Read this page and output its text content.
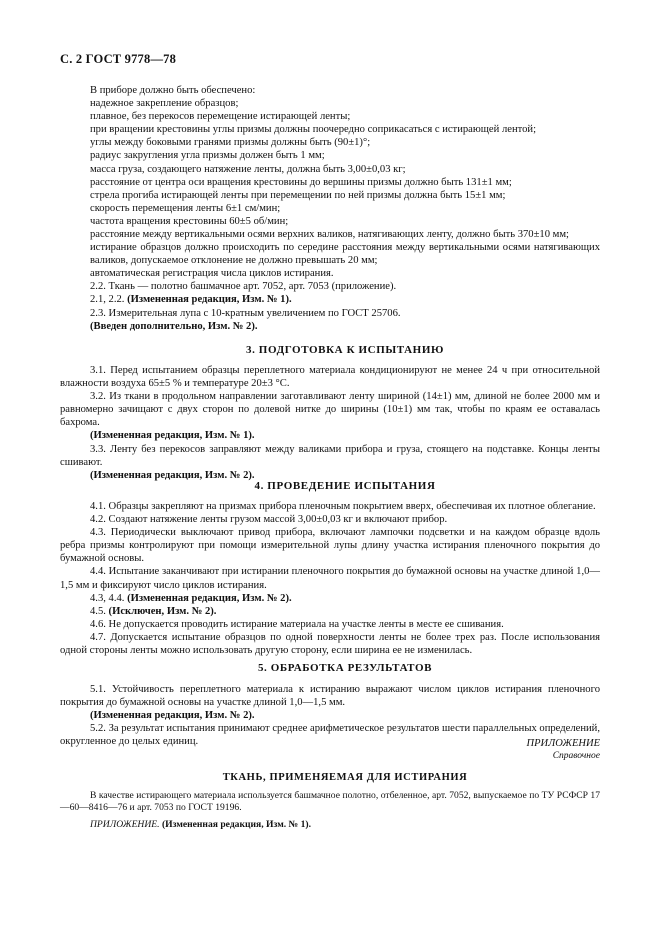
С. 2 ГОСТ 9778—78

В приборе должно быть обеспечено:

надежное закрепление образцов;

плавное, без перекосов перемещение истирающей ленты;

при вращении крестовины углы призмы должны поочередно соприкасаться с истирающей лентой;

углы между боковыми гранями призмы должны быть (90±1)°;

радиус закругления угла призмы должен быть 1 мм;

масса груза, создающего натяжение ленты, должна быть 3,00±0,03 кг;

расстояние от центра оси вращения крестовины до вершины призмы должно быть 131±1 мм;

стрела прогиба истирающей ленты при перемещении по ней призмы должна быть 15±1 мм;

скорость перемещения ленты 6±1 см/мин;

частота вращения крестовины 60±5 об/мин;

расстояние между вертикальными осями верхних валиков, натягивающих ленту, должно быть 370±10 мм;

истирание образцов должно происходить по середине расстояния между вертикальными осями натягивающих валиков, допускаемое отклонение не должно превышать 20 мм;

автоматическая регистрация числа циклов истирания.

2.2. Ткань — полотно башмачное арт. 7052, арт. 7053 (приложение).

2.1, 2.2. (Измененная редакция, Изм. № 1).

2.3. Измерительная лупа с 10-кратным увеличением по ГОСТ 25706.

(Введен дополнительно, Изм. № 2).

3. ПОДГОТОВКА К ИСПЫТАНИЮ

3.1. Перед испытанием образцы переплетного материала кондиционируют не менее 24 ч при относительной влажности воздуха 65±5 % и температуре 20±3 °С.

3.2. Из ткани в продольном направлении заготавливают ленту шириной (14±1) мм, длиной не более 2000 мм и равномерно зачищают с двух сторон по долевой нитке до ширины (10±1) мм так, чтобы по краям ее оставалась бахрома.

(Измененная редакция, Изм. № 1).

3.3. Ленту без перекосов заправляют между валиками прибора и груза, стоящего на подставке. Концы ленты сшивают.

(Измененная редакция, Изм. № 2).

4. ПРОВЕДЕНИЕ ИСПЫТАНИЯ

4.1. Образцы закрепляют на призмах прибора пленочным покрытием вверх, обеспечивая их плотное облегание.

4.2. Создают натяжение ленты грузом массой 3,00±0,03 кг и включают прибор.

4.3. Периодически выключают привод прибора, включают лампочки подсветки и на каждом образце вдоль ребра призмы контролируют при помощи измерительной лупы длину участка истирания пленочного покрытия до бумажной основы.

4.4. Испытание заканчивают при истирании пленочного покрытия до бумажной основы на участке длиной 1,0—1,5 мм и фиксируют число циклов истирания.

4.3, 4.4. (Измененная редакция, Изм. № 2).

4.5. (Исключен, Изм. № 2).

4.6. Не допускается проводить истирание материала на участке ленты в месте ее сшивания.

4.7. Допускается испытание образцов по одной поверхности ленты не более трех раз. После использования одной стороны ленты можно использовать другую сторону, если ширина ее не изменилась.

5. ОБРАБОТКА РЕЗУЛЬТАТОВ

5.1. Устойчивость переплетного материала к истиранию выражают числом циклов истирания пленочного покрытия до бумажной основы на участке длиной 1,0—1,5 мм.

(Измененная редакция, Изм. № 2).

5.2. За результат испытания принимают среднее арифметическое результатов шести параллельных определений, округленное до целых единиц.	ПРИЛОЖЕНИЕ
Справочное
ТКАНЬ, ПРИМЕНЯЕМАЯ ДЛЯ ИСТИРАНИЯ

В качестве истирающего материала используется башмачное полотно, отбеленное, арт. 7052, выпускаемое по ТУ РСФСР 17—60—8416—76 и арт. 7053 по ГОСТ 19196.

ПРИЛОЖЕНИЕ. (Измененная редакция, Изм. № 1).
